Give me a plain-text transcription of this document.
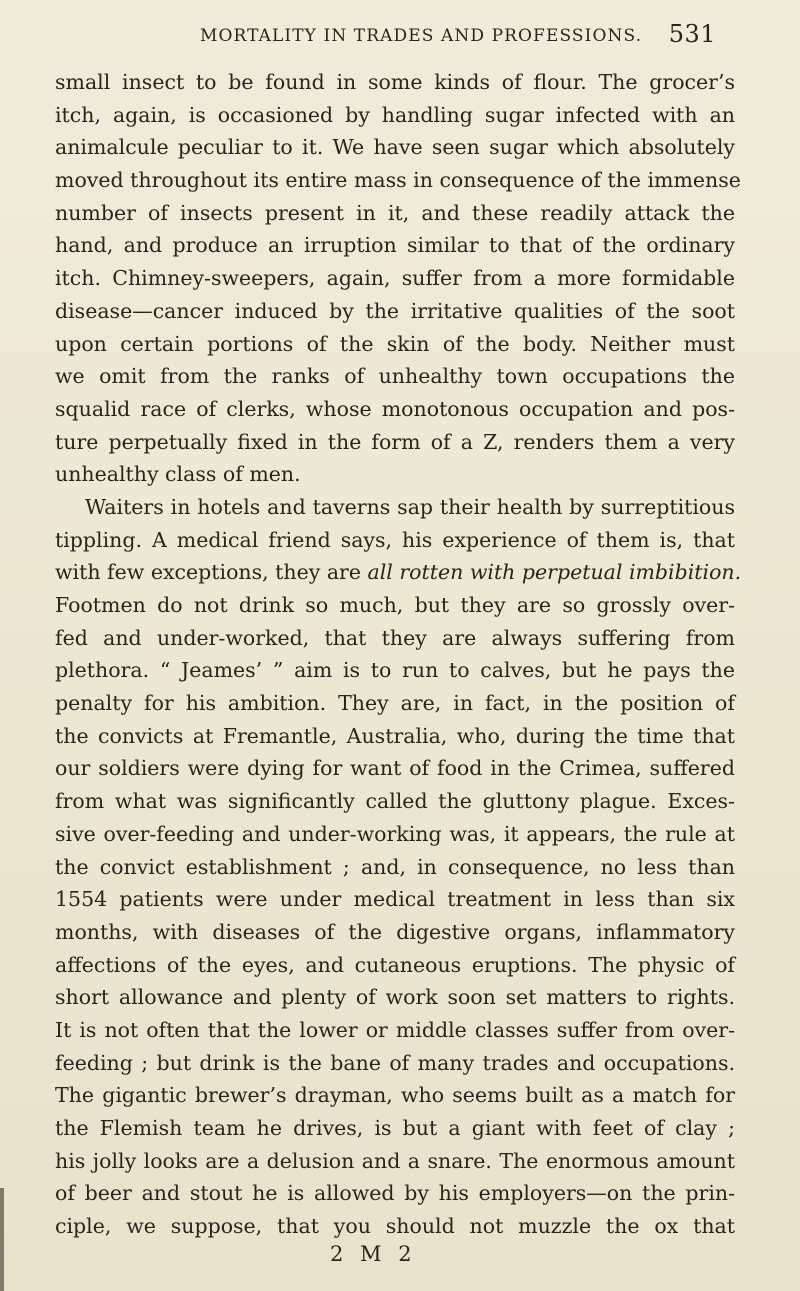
MORTALITY IN TRADES AND PROFESSIONS. 531
small insect to be found in some kinds of flour. The grocer’s
itch, again, is occasioned by handling sugar infected with an
animalcule peculiar to it. We have seen sugar which absolutely
moved throughout its entire mass in consequence of the immense
number of insects present in it, and these readily attack the
hand, and produce an irruption similar to that of the ordinary
itch. Chimney-sweepers, again, suffer from a more formidable
disease—cancer induced by the irritative qualities of the soot
upon certain portions of the skin of the body. Neither must
we omit from the ranks of unhealthy town occupations the
squalid race of clerks, whose monotonous occupation and pos-
ture perpetually fixed in the form of a Z, renders them a very
unhealthy class of men.
Waiters in hotels and taverns sap their health by surreptitious
tippling. A medical friend says, his experience of them is, that
with few exceptions, they are all rotten with perpetual imbibition.
Footmen do not drink so much, but they are so grossly over-
fed and under-worked, that they are always suffering from
plethora. “ Jeames’ ” aim is to run to calves, but he pays the
penalty for his ambition. They are, in fact, in the position of
the convicts at Fremantle, Australia, who, during the time that
our soldiers were dying for want of food in the Crimea, suffered
from what was significantly called the gluttony plague. Exces-
sive over-feeding and under-working was, it appears, the rule at
the convict establishment ; and, in consequence, no less than
1554 patients were under medical treatment in less than six
months, with diseases of the digestive organs, inflammatory
affections of the eyes, and cutaneous eruptions. The physic of
short allowance and plenty of work soon set matters to rights.
It is not often that the lower or middle classes suffer from over-
feeding ; but drink is the bane of many trades and occupations.
The gigantic brewer’s drayman, who seems built as a match for
the Flemish team he drives, is but a giant with feet of clay ;
his jolly looks are a delusion and a snare. The enormous amount
of beer and stout he is allowed by his employers—on the prin-
ciple, we suppose, that you should not muzzle the ox that
2 M 2
